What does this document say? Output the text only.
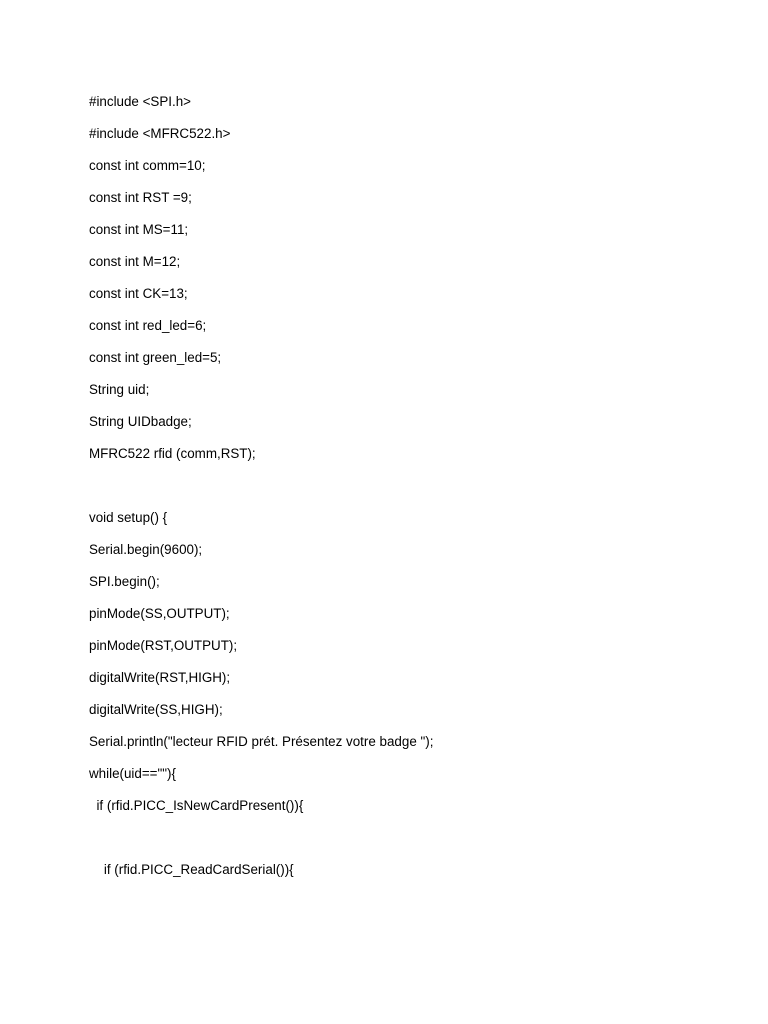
#include <SPI.h>
#include <MFRC522.h>
const int comm=10;
const int RST =9;
const int MS=11;
const int M=12;
const int CK=13;
const int red_led=6;
const int green_led=5;
String uid;
String UIDbadge;
MFRC522 rfid (comm,RST);
void setup() {
Serial.begin(9600);
SPI.begin();
pinMode(SS,OUTPUT);
pinMode(RST,OUTPUT);
digitalWrite(RST,HIGH);
digitalWrite(SS,HIGH);
Serial.println("lecteur RFID prét. Présentez votre badge ");
while(uid==""){
if (rfid.PICC_IsNewCardPresent()){
if (rfid.PICC_ReadCardSerial()){
